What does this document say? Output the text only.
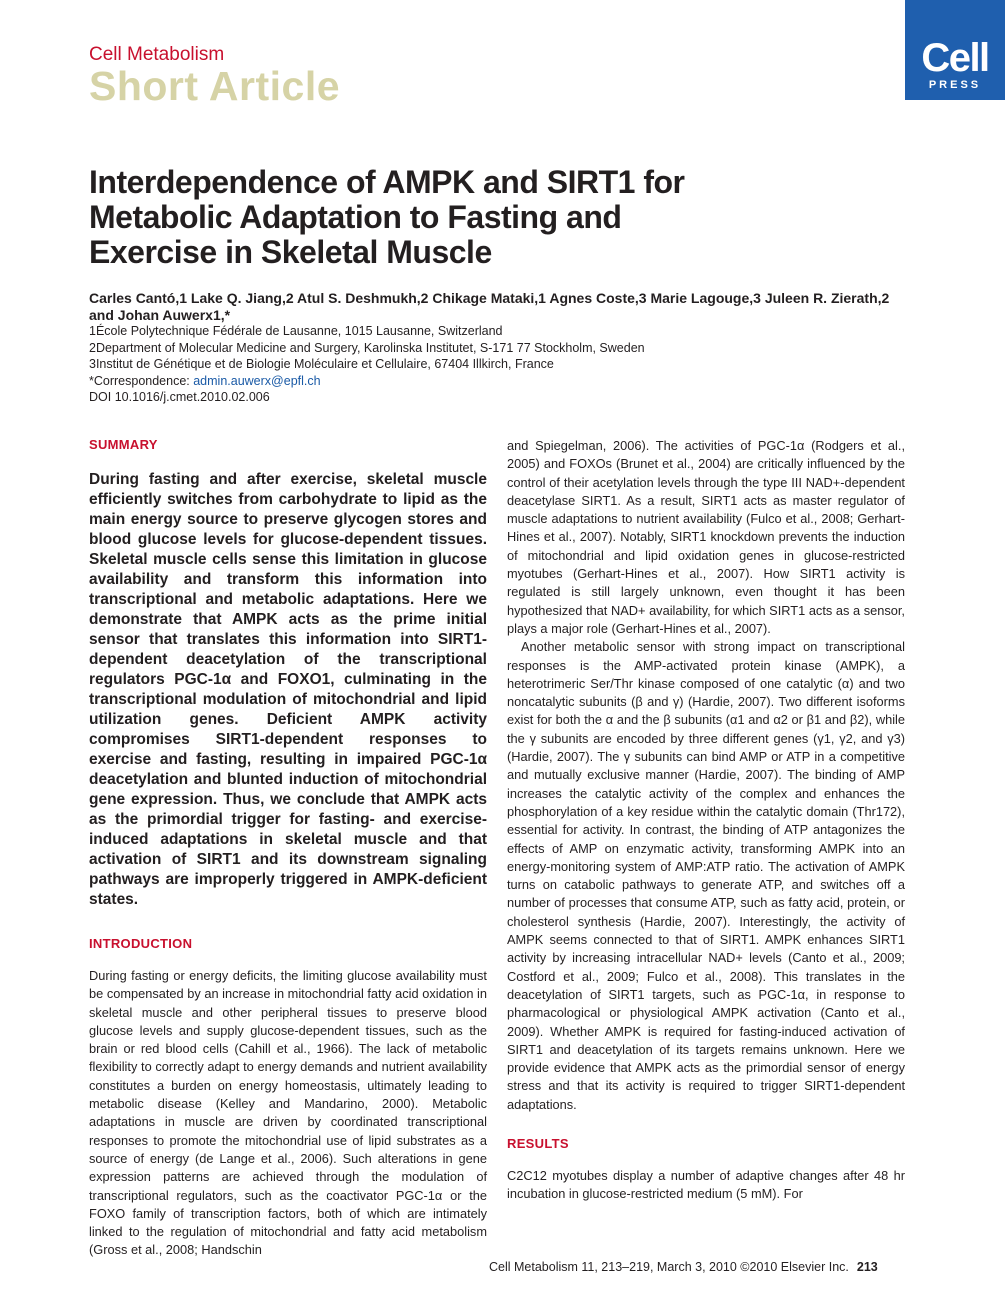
Cell Metabolism
Short Article
Cell
PRESS
Interdependence of AMPK and SIRT1 for Metabolic Adaptation to Fasting and Exercise in Skeletal Muscle
Carles Cantó,1 Lake Q. Jiang,2 Atul S. Deshmukh,2 Chikage Mataki,1 Agnes Coste,3 Marie Lagouge,3 Juleen R. Zierath,2 and Johan Auwerx1,*
1École Polytechnique Fédérale de Lausanne, 1015 Lausanne, Switzerland
2Department of Molecular Medicine and Surgery, Karolinska Institutet, S-171 77 Stockholm, Sweden
3Institut de Génétique et de Biologie Moléculaire et Cellulaire, 67404 Illkirch, France
*Correspondence: admin.auwerx@epfl.ch
DOI 10.1016/j.cmet.2010.02.006

SUMMARY

During fasting and after exercise, skeletal muscle efficiently switches from carbohydrate to lipid as the main energy source to preserve glycogen stores and blood glucose levels for glucose-dependent tissues. Skeletal muscle cells sense this limitation in glucose availability and transform this information into transcriptional and metabolic adaptations. Here we demonstrate that AMPK acts as the prime initial sensor that translates this information into SIRT1-dependent deacetylation of the transcriptional regulators PGC-1α and FOXO1, culminating in the transcriptional modulation of mitochondrial and lipid utilization genes. Deficient AMPK activity compromises SIRT1-dependent responses to exercise and fasting, resulting in impaired PGC-1α deacetylation and blunted induction of mitochondrial gene expression. Thus, we conclude that AMPK acts as the primordial trigger for fasting- and exercise-induced adaptations in skeletal muscle and that activation of SIRT1 and its downstream signaling pathways are improperly triggered in AMPK-deficient states.

INTRODUCTION

During fasting or energy deficits, the limiting glucose availability must be compensated by an increase in mitochondrial fatty acid oxidation in skeletal muscle and other peripheral tissues to preserve blood glucose levels and supply glucose-dependent tissues, such as the brain or red blood cells (Cahill et al., 1966). The lack of metabolic flexibility to correctly adapt to energy demands and nutrient availability constitutes a burden on energy homeostasis, ultimately leading to metabolic disease (Kelley and Mandarino, 2000). Metabolic adaptations in muscle are driven by coordinated transcriptional responses to promote the mitochondrial use of lipid substrates as a source of energy (de Lange et al., 2006). Such alterations in gene expression patterns are achieved through the modulation of transcriptional regulators, such as the coactivator PGC-1α or the FOXO family of transcription factors, both of which are intimately linked to the regulation of mitochondrial and fatty acid metabolism (Gross et al., 2008; Handschin

and Spiegelman, 2006). The activities of PGC-1α (Rodgers et al., 2005) and FOXOs (Brunet et al., 2004) are critically influenced by the control of their acetylation levels through the type III NAD+-dependent deacetylase SIRT1. As a result, SIRT1 acts as master regulator of muscle adaptations to nutrient availability (Fulco et al., 2008; Gerhart-Hines et al., 2007). Notably, SIRT1 knockdown prevents the induction of mitochondrial and lipid oxidation genes in glucose-restricted myotubes (Gerhart-Hines et al., 2007). How SIRT1 activity is regulated is still largely unknown, even thought it has been hypothesized that NAD+ availability, for which SIRT1 acts as a sensor, plays a major role (Gerhart-Hines et al., 2007).

Another metabolic sensor with strong impact on transcriptional responses is the AMP-activated protein kinase (AMPK), a heterotrimeric Ser/Thr kinase composed of one catalytic (α) and two noncatalytic subunits (β and γ) (Hardie, 2007). Two different isoforms exist for both the α and the β subunits (α1 and α2 or β1 and β2), while the γ subunits are encoded by three different genes (γ1, γ2, and γ3) (Hardie, 2007). The γ subunits can bind AMP or ATP in a competitive and mutually exclusive manner (Hardie, 2007). The binding of AMP increases the catalytic activity of the complex and enhances the phosphorylation of a key residue within the catalytic domain (Thr172), essential for activity. In contrast, the binding of ATP antagonizes the effects of AMP on enzymatic activity, transforming AMPK into an energy-monitoring system of AMP:ATP ratio. The activation of AMPK turns on catabolic pathways to generate ATP, and switches off a number of processes that consume ATP, such as fatty acid, protein, or cholesterol synthesis (Hardie, 2007). Interestingly, the activity of AMPK seems connected to that of SIRT1. AMPK enhances SIRT1 activity by increasing intracellular NAD+ levels (Canto et al., 2009; Costford et al., 2009; Fulco et al., 2008). This translates in the deacetylation of SIRT1 targets, such as PGC-1α, in response to pharmacological or physiological AMPK activation (Canto et al., 2009). Whether AMPK is required for fasting-induced activation of SIRT1 and deacetylation of its targets remains unknown. Here we provide evidence that AMPK acts as the primordial sensor of energy stress and that its activity is required to trigger SIRT1-dependent adaptations.

RESULTS

C2C12 myotubes display a number of adaptive changes after 48 hr incubation in glucose-restricted medium (5 mM). For

Cell Metabolism 11, 213–219, March 3, 2010 ©2010 Elsevier Inc. 213
